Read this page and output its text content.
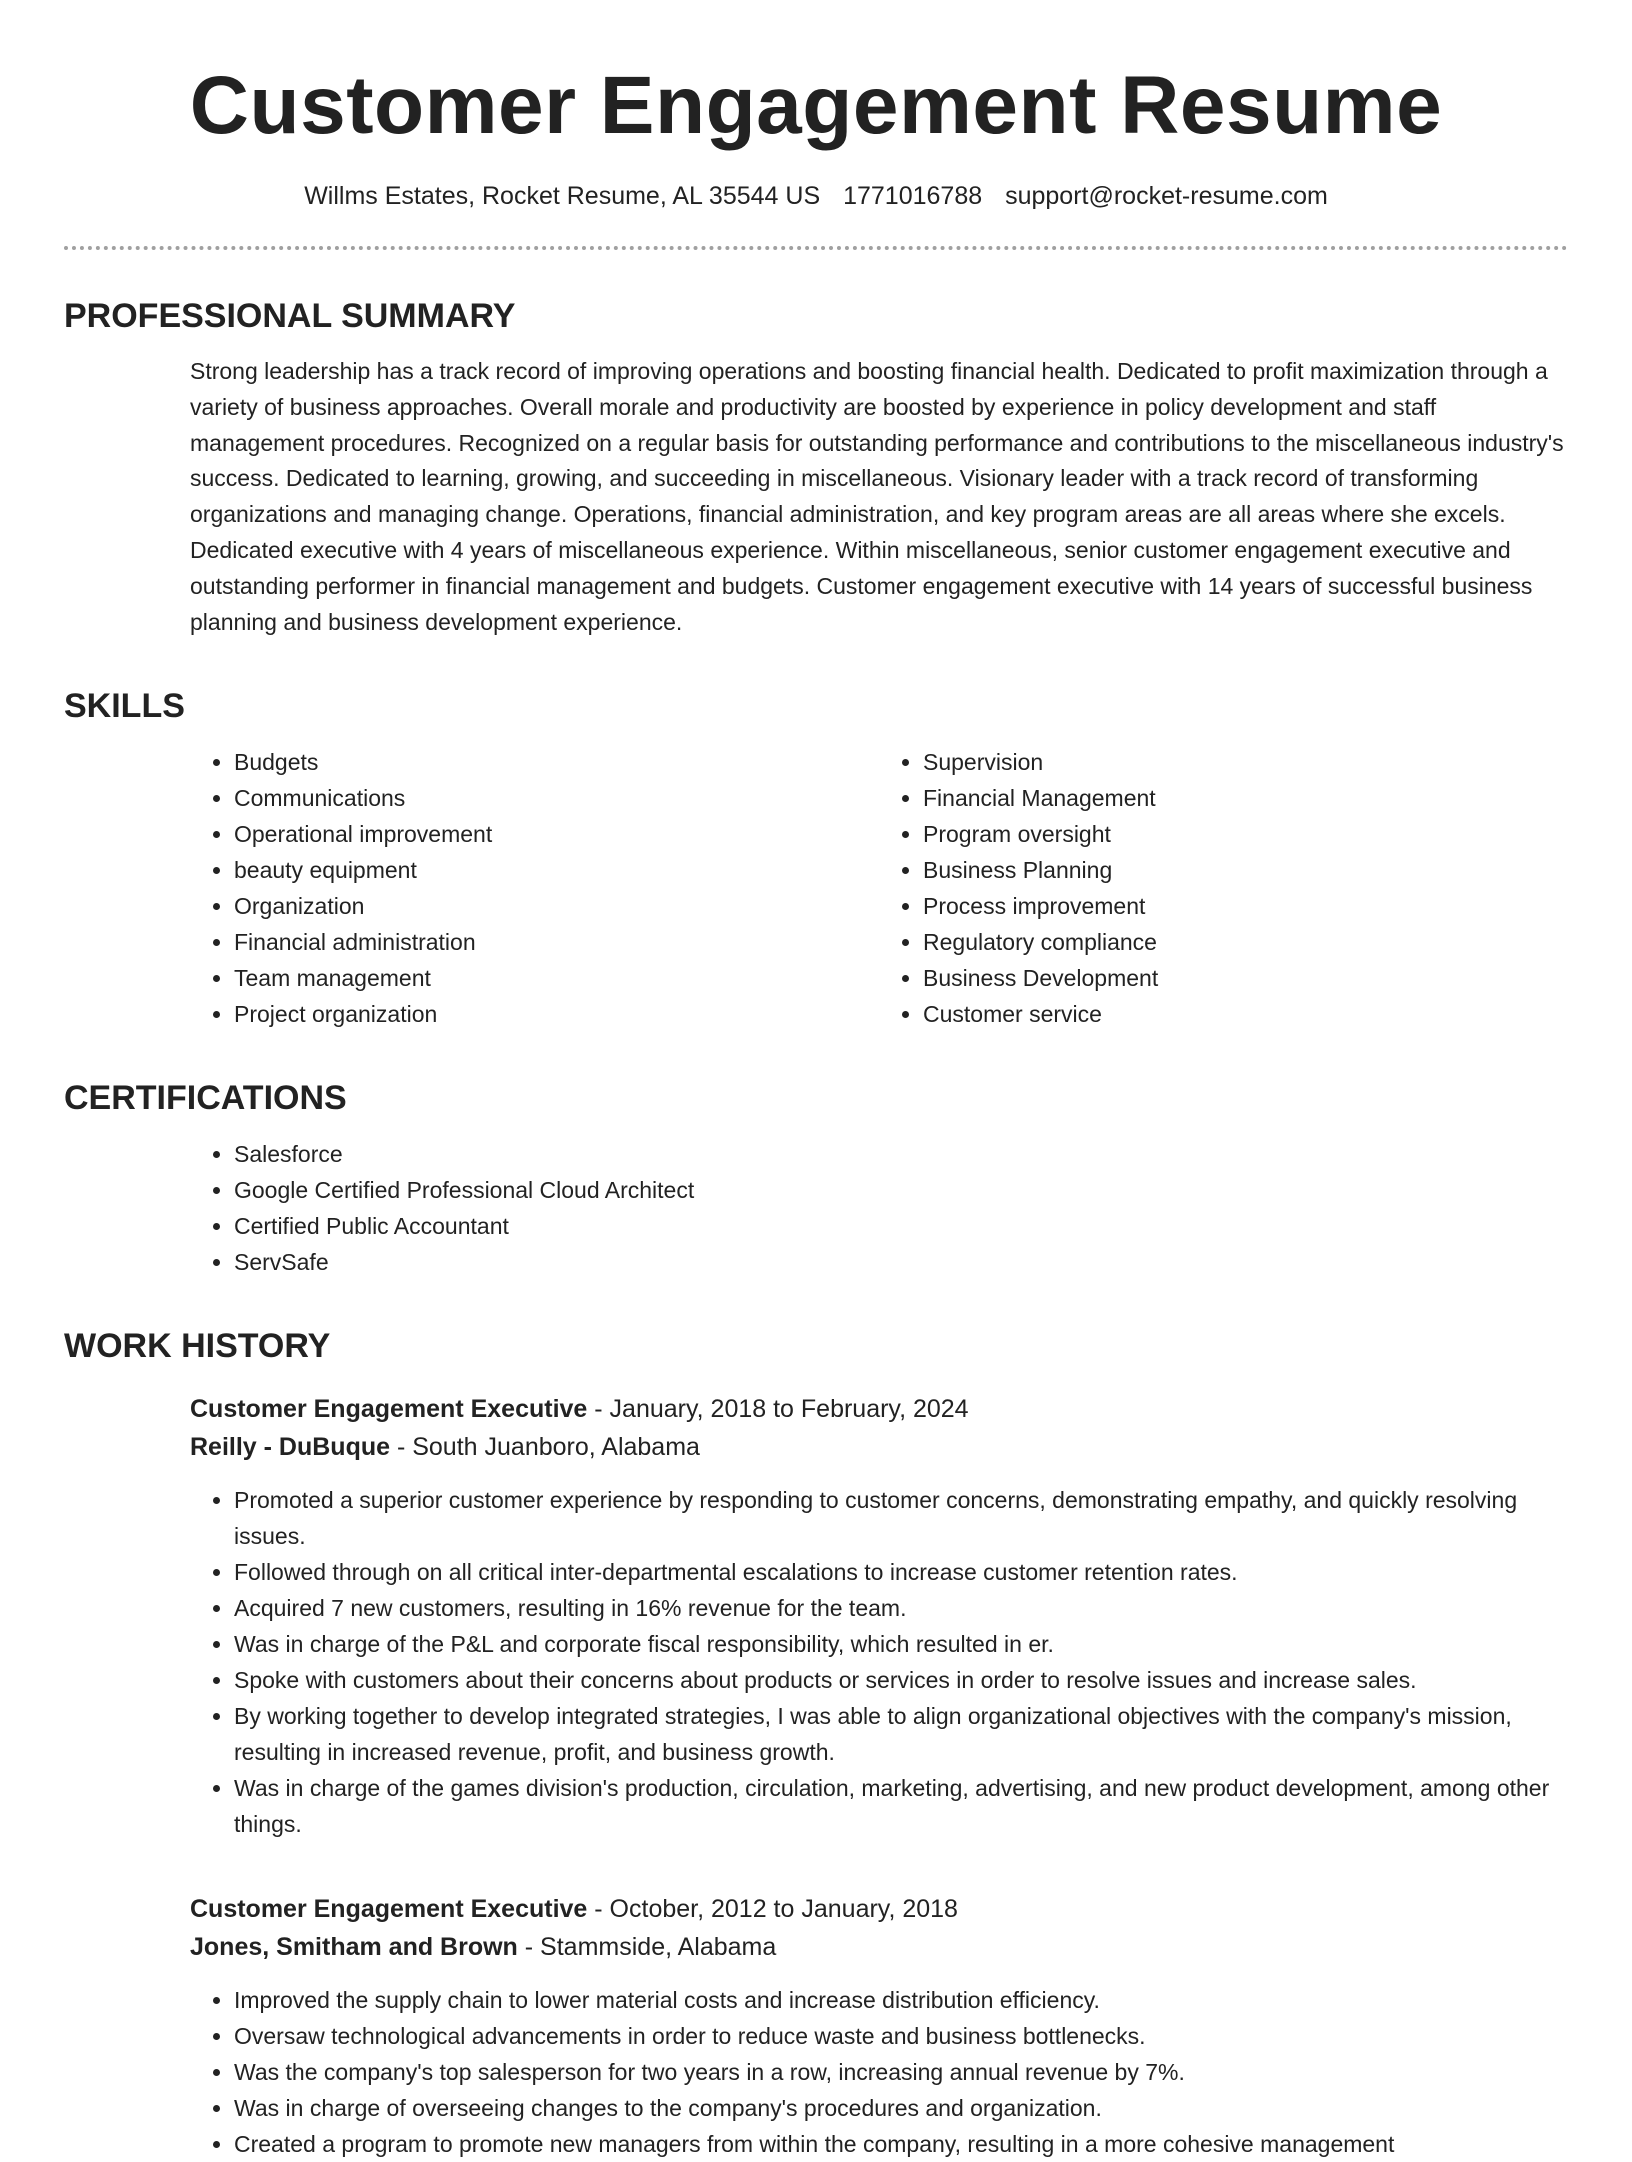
Customer Engagement Resume
Willms Estates, Rocket Resume, AL 35544 US 1771016788 support@rocket-resume.com
PROFESSIONAL SUMMARY
Strong leadership has a track record of improving operations and boosting financial health. Dedicated to profit maximization through a variety of business approaches. Overall morale and productivity are boosted by experience in policy development and staff management procedures. Recognized on a regular basis for outstanding performance and contributions to the miscellaneous industry's success. Dedicated to learning, growing, and succeeding in miscellaneous. Visionary leader with a track record of transforming organizations and managing change. Operations, financial administration, and key program areas are all areas where she excels. Dedicated executive with 4 years of miscellaneous experience. Within miscellaneous, senior customer engagement executive and outstanding performer in financial management and budgets. Customer engagement executive with 14 years of successful business planning and business development experience.
SKILLS
• Budgets
• Communications
• Operational improvement
• beauty equipment
• Organization
• Financial administration
• Team management
• Project organization
• Supervision
• Financial Management
• Program oversight
• Business Planning
• Process improvement
• Regulatory compliance
• Business Development
• Customer service
CERTIFICATIONS
• Salesforce
• Google Certified Professional Cloud Architect
• Certified Public Accountant
• ServSafe
WORK HISTORY
Customer Engagement Executive - January, 2018 to February, 2024
Reilly - DuBuque - South Juanboro, Alabama
• Promoted a superior customer experience by responding to customer concerns, demonstrating empathy, and quickly resolving issues.
• Followed through on all critical inter-departmental escalations to increase customer retention rates.
• Acquired 7 new customers, resulting in 16% revenue for the team.
• Was in charge of the P&L and corporate fiscal responsibility, which resulted in er.
• Spoke with customers about their concerns about products or services in order to resolve issues and increase sales.
• By working together to develop integrated strategies, I was able to align organizational objectives with the company's mission, resulting in increased revenue, profit, and business growth.
• Was in charge of the games division's production, circulation, marketing, advertising, and new product development, among other things.
Customer Engagement Executive - October, 2012 to January, 2018
Jones, Smitham and Brown - Stammside, Alabama
• Improved the supply chain to lower material costs and increase distribution efficiency.
• Oversaw technological advancements in order to reduce waste and business bottlenecks.
• Was the company's top salesperson for two years in a row, increasing annual revenue by 7%.
• Was in charge of overseeing changes to the company's procedures and organization.
• Created a program to promote new managers from within the company, resulting in a more cohesive management
